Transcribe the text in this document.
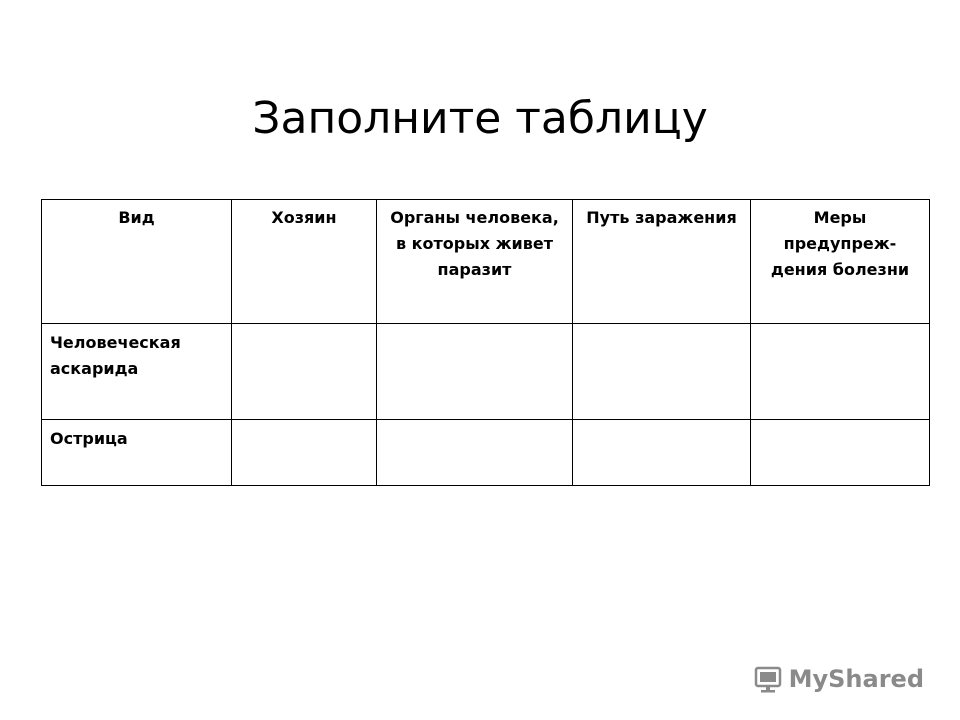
Заполните таблицу
Вид	Хозяин	Органы человека, в которых живет паразит	Путь заражения	Меры предупреж-дения болезни
Человеческая аскарида				
Острица				
MyShared
